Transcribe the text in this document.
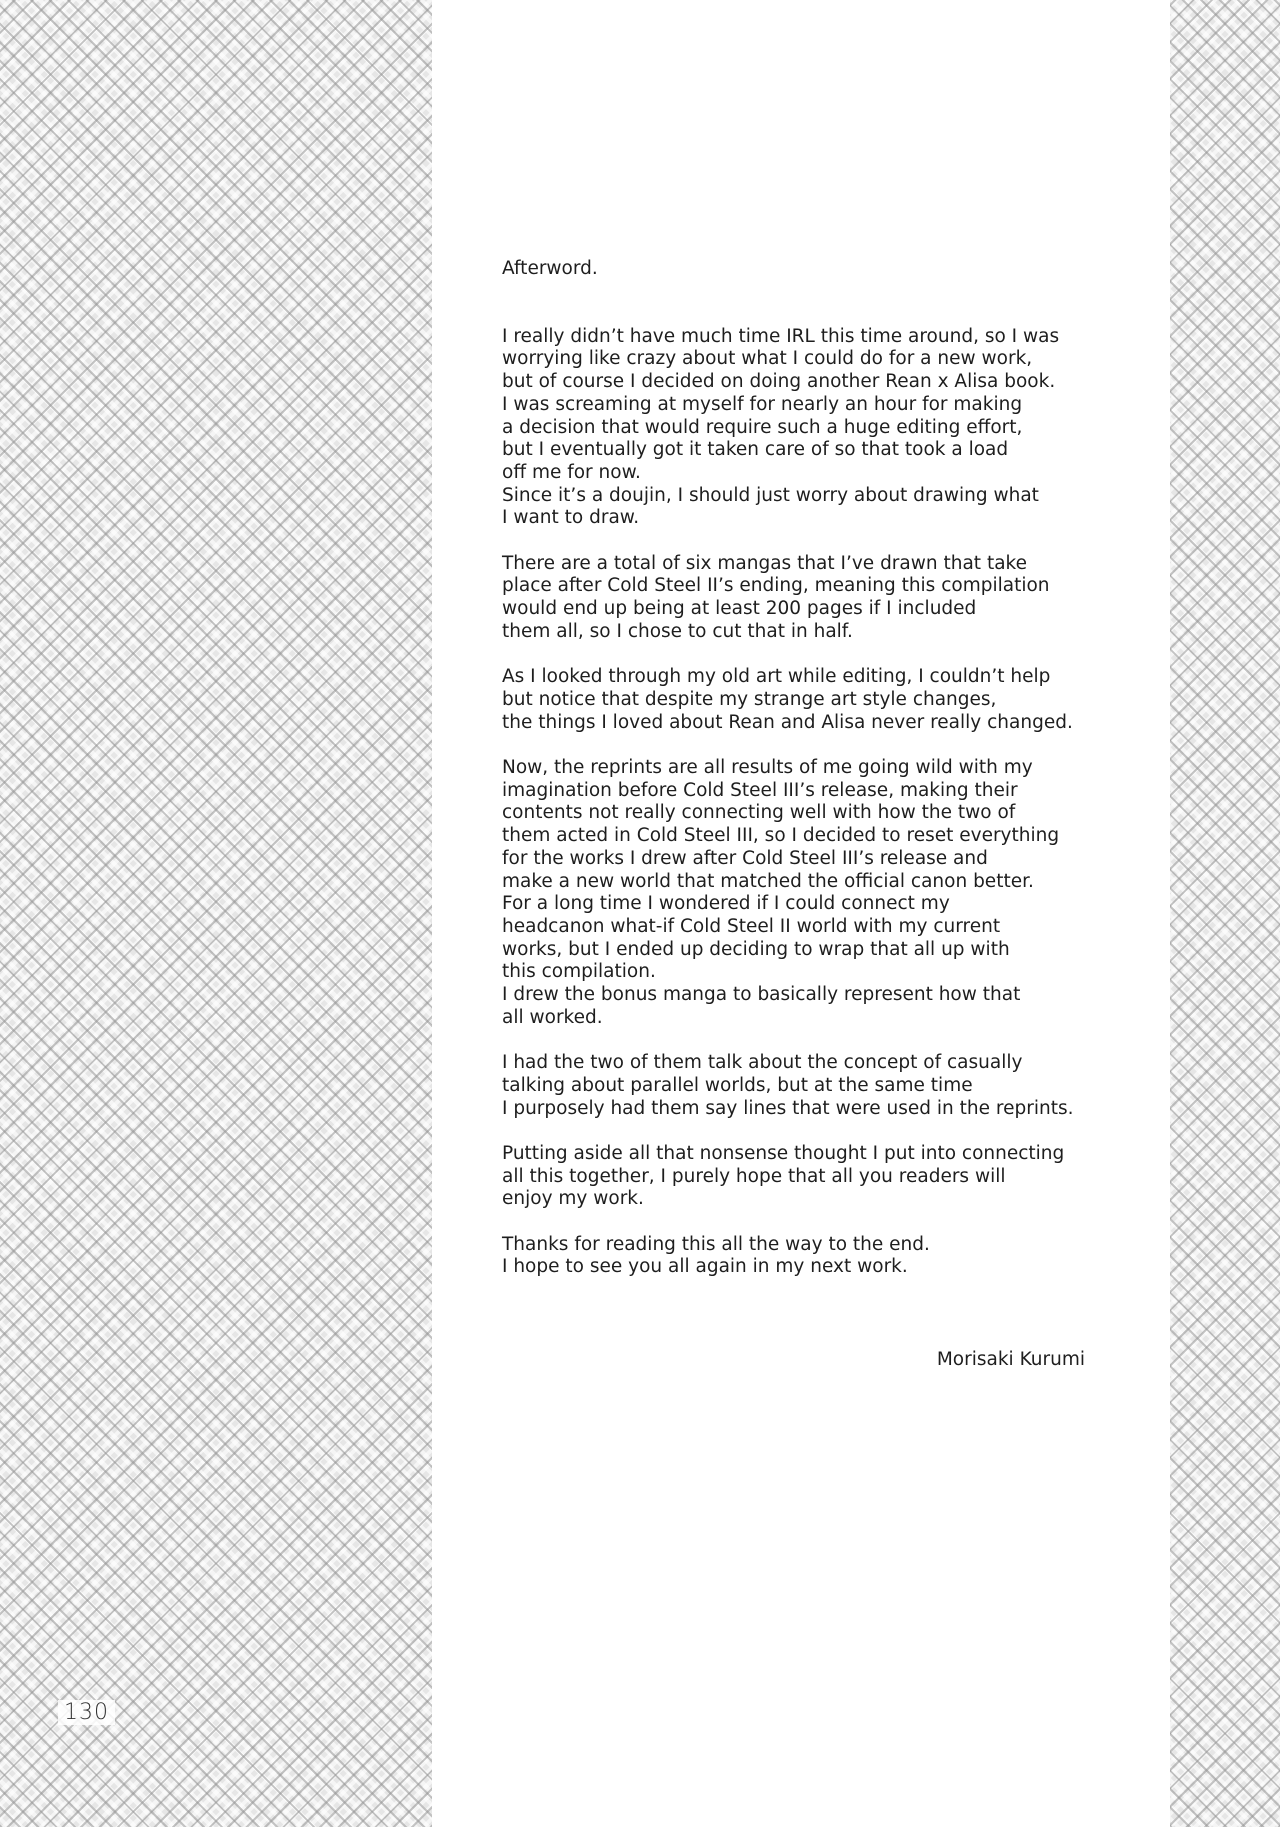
Afterword.
I really didn’t have much time IRL this time around, so I was
worrying like crazy about what I could do for a new work,
but of course I decided on doing another Rean x Alisa book.
I was screaming at myself for nearly an hour for making
a decision that would require such a huge editing effort,
but I eventually got it taken care of so that took a load
off me for now.
Since it’s a doujin, I should just worry about drawing what
I want to draw.
There are a total of six mangas that I’ve drawn that take
place after Cold Steel II’s ending, meaning this compilation
would end up being at least 200 pages if I included
them all, so I chose to cut that in half.
As I looked through my old art while editing, I couldn’t help
but notice that despite my strange art style changes,
the things I loved about Rean and Alisa never really changed.
Now, the reprints are all results of me going wild with my
imagination before Cold Steel III’s release, making their
contents not really connecting well with how the two of
them acted in Cold Steel III, so I decided to reset everything
for the works I drew after Cold Steel III’s release and
make a new world that matched the official canon better.
For a long time I wondered if I could connect my
headcanon what-if Cold Steel II world with my current
works, but I ended up deciding to wrap that all up with
this compilation.
I drew the bonus manga to basically represent how that
all worked.
I had the two of them talk about the concept of casually
talking about parallel worlds, but at the same time
I purposely had them say lines that were used in the reprints.
Putting aside all that nonsense thought I put into connecting
all this together, I purely hope that all you readers will
enjoy my work.
Thanks for reading this all the way to the end.
I hope to see you all again in my next work.
Morisaki Kurumi
130
